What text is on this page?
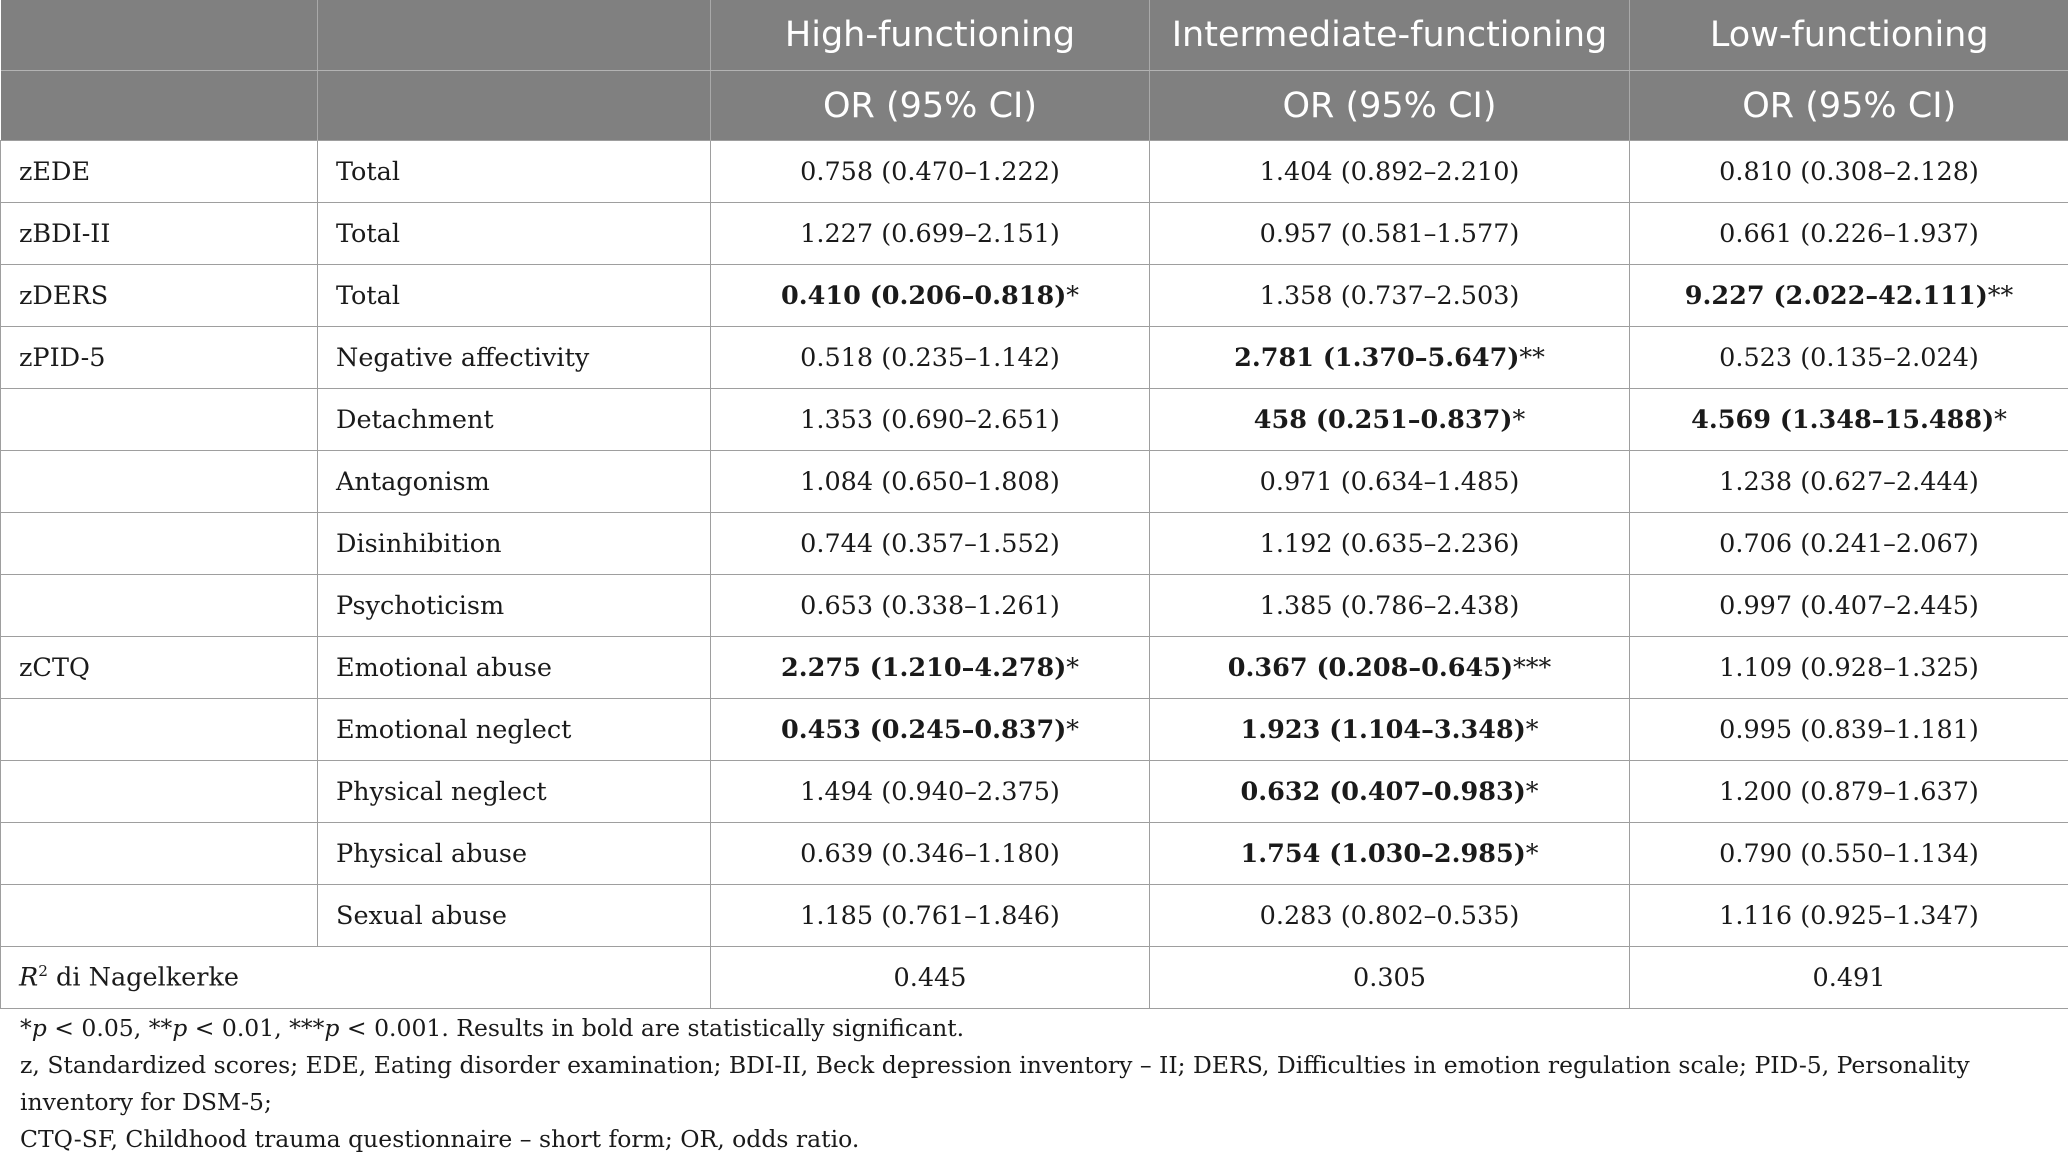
		High-functioning	Intermediate-functioning	Low-functioning
		OR (95% CI)	OR (95% CI)	OR (95% CI)
zEDE	Total	0.758 (0.470–1.222)	1.404 (0.892–2.210)	0.810 (0.308–2.128)
zBDI-II	Total	1.227 (0.699–2.151)	0.957 (0.581–1.577)	0.661 (0.226–1.937)
zDERS	Total	0.410 (0.206–0.818)*	1.358 (0.737–2.503)	9.227 (2.022–42.111)**
zPID-5	Negative affectivity	0.518 (0.235–1.142)	2.781 (1.370–5.647)**	0.523 (0.135–2.024)
	Detachment	1.353 (0.690–2.651)	458 (0.251–0.837)*	4.569 (1.348–15.488)*
	Antagonism	1.084 (0.650–1.808)	0.971 (0.634–1.485)	1.238 (0.627–2.444)
	Disinhibition	0.744 (0.357–1.552)	1.192 (0.635–2.236)	0.706 (0.241–2.067)
	Psychoticism	0.653 (0.338–1.261)	1.385 (0.786–2.438)	0.997 (0.407–2.445)
zCTQ	Emotional abuse	2.275 (1.210–4.278)*	0.367 (0.208–0.645)***	1.109 (0.928–1.325)
	Emotional neglect	0.453 (0.245–0.837)*	1.923 (1.104–3.348)*	0.995 (0.839–1.181)
	Physical neglect	1.494 (0.940–2.375)	0.632 (0.407–0.983)*	1.200 (0.879–1.637)
	Physical abuse	0.639 (0.346–1.180)	1.754 (1.030–2.985)*	0.790 (0.550–1.134)
	Sexual abuse	1.185 (0.761–1.846)	0.283 (0.802–0.535)	1.116 (0.925–1.347)
$R^2$ di Nagelkerke		0.445	0.305	0.491

*p < 0.05, **p < 0.01, ***p < 0.001. Results in bold are statistically significant.

z, Standardized scores; EDE, Eating disorder examination; BDI-II, Beck depression inventory – II; DERS, Difficulties in emotion regulation scale; PID-5, Personality inventory for DSM-5;

CTQ-SF, Childhood trauma questionnaire – short form; OR, odds ratio.
